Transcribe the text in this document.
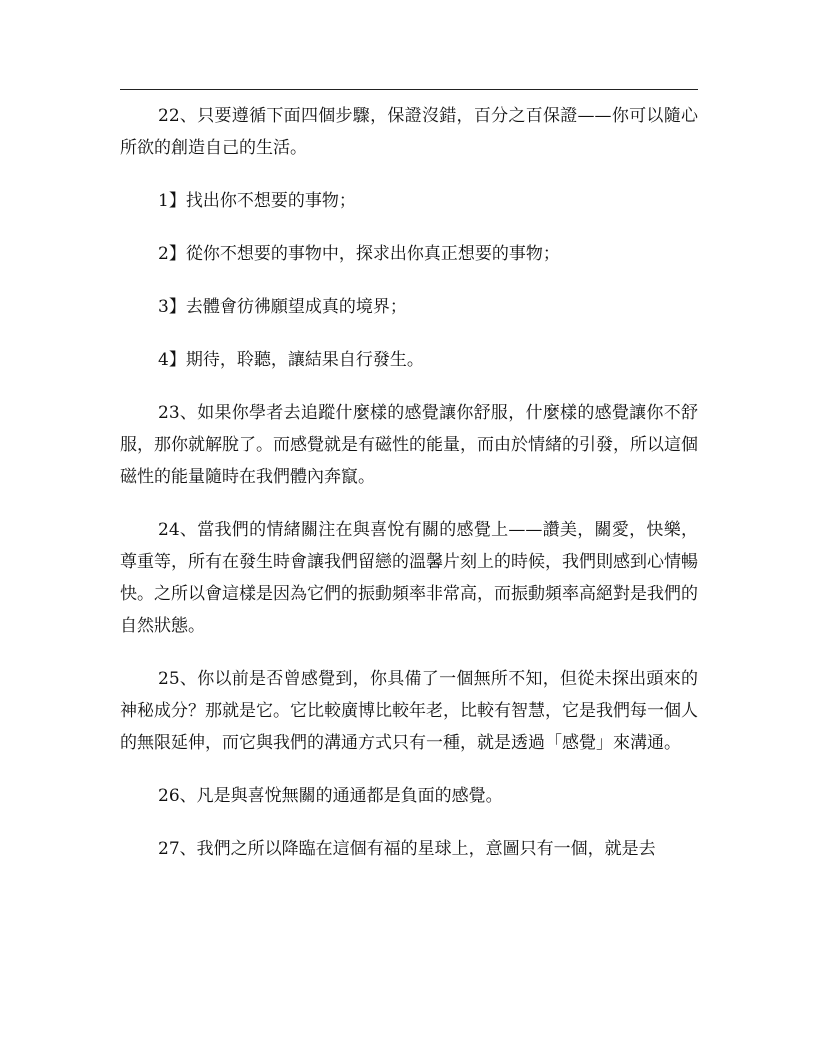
22、只要遵循下面四個步驟，保證沒錯，百分之百保證——你可以隨心所欲的創造自己的生活。

1】找出你不想要的事物；

2】從你不想要的事物中，探求出你真正想要的事物；

3】去體會彷彿願望成真的境界；

4】期待，聆聽，讓結果自行發生。

23、如果你學者去追蹤什麼樣的感覺讓你舒服，什麼樣的感覺讓你不舒服，那你就解脫了。而感覺就是有磁性的能量，而由於情緒的引發，所以這個磁性的能量隨時在我們體內奔竄。

24、當我們的情緒關注在與喜悅有關的感覺上——讚美，關愛，快樂，尊重等，所有在發生時會讓我們留戀的溫馨片刻上的時候，我們則感到心情暢快。之所以會這樣是因為它們的振動頻率非常高，而振動頻率高絕對是我們的自然狀態。

25、你以前是否曾感覺到，你具備了一個無所不知，但從未探出頭來的神秘成分？那就是它。它比較廣博比較年老，比較有智慧，它是我們每一個人的無限延伸，而它與我們的溝通方式只有一種，就是透過「感覺」來溝通。

26、凡是與喜悅無關的通通都是負面的感覺。

27、我們之所以降臨在這個有福的星球上，意圖只有一個，就是去
